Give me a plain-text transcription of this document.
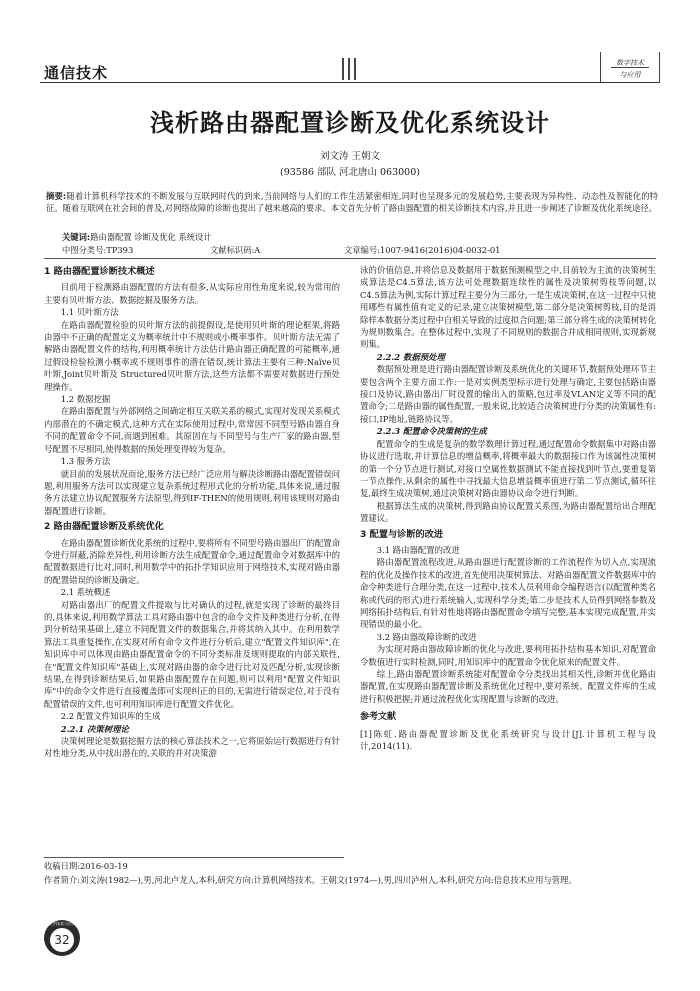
通信技术
数字技术
与应用
浅析路由器配置诊断及优化系统设计
刘文涛 王朝文
(93586 部队 河北唐山 063000)
摘要:随着计算机科学技术的不断发展与互联网时代的到来,当前网络与人们的工作生活紧密相连,同时也呈现多元的发展趋势,主要表现为异构性、动态性及智能化的特征。随着互联网在社会间的普及,对网络故障的诊断也提出了越来越高的要求。本文首先分析了路由器配置的相关诊断技术内容,并且进一步阐述了诊断及优化系统途径。
关键词:路由器配置 诊断及优化 系统设计
中图分类号:TP393	文献标识码:A	文章编号:1007-9416(2016)04-0032-01

1 路由器配置诊断技术概述

目前用于检测路由器配置的方法有很多,从实际应用性角度来说,较为常用的主要有贝叶斯方法、数据挖掘及服务方法。

1.1 贝叶斯方法

在路由器配置检验的贝叶斯方法的前提假设,是使用贝叶斯的理论框架,将路由器中不正确的配置定义为概率统计中不规则或小概率事件。贝叶斯方法无需了解路由器配置文件的结构,利用概率统计方法估计路由器正确配置的可能概率,通过假设检验检测小概率或不规则事件的潜在错误,统计算法主要有三种:Naïve贝叶斯,Joint贝叶斯及 Structured贝叶斯方法,这些方法都不需要对数据进行预处理操作。

1.2 数据挖掘

在路由器配置与外部网络之间确定相互关联关系的模式,实现对发现关系模式内部潜在的不确定模式,这种方式在实际使用过程中,常常因不同型号路由器自身不同的配置命令不同,而遇到困难。其原因在与不同型号与生产厂家的路由器,型号配置不尽相同,使得数据的预处理变得较为复杂。

1.3 服务方法

就目前的发展状况而论,服务方法已经广泛应用与解决诊断路由器配置错误问题,利用服务方法可以实现建立复杂系统过程形式化的分析功能,具体来说,通过服务方法建立协议配置服务方法原型,得到IF-THEN的使用规则,利用该规则对路由器配置进行诊断。

2 路由器配置诊断及系统优化

在路由器配置诊断优化系统的过程中,要将所有不同型号路由器出厂的配置命令进行屏蔽,消除差异性,利用诊断方法生成配置命令,通过配置命令对数据库中的配置数据进行比对,同时,利用数学中的拓扑学知识应用于网络技术,实现对路由器的配置错误的诊断及确定。

2.1 系统概述

对路由器出厂的配置文件提取与比对确认的过程,就是实现了诊断的最终目的,具体来说,利用数学算法工具对路由器中包含的命令文件及种类进行分析,在得到分析结果基础上,建立不同配置文件的数据集合,并将其纳入其中。在利用数学算法工具重复操作,在实现对所有命令文件进行分析后,建立"配置文件知识库",在知识库中可以体现由路由器配置命令的不同分类标准及规则提取的内部关联性,在"配置文件知识库"基础上,实现对路由器的命令进行比对及匹配分析,实现诊断结果,在得到诊断结果后,如果路由器配置存在问题,则可以利用"配置文件知识库"中的命令文件进行直接覆盖即可实现纠正的目的,无需进行错误定位,对于没有配置错误的文件,也可利用知识库进行配置文件优化。

2.2 配置文件知识库的生成

2.2.1 决策树理论

决策树理论是数据挖掘方法的核心算法技术之一,它将原始运行数据进行有针对性地分类,从中找出潜在的,关联的并对决策游

泳的价值信息,并将信息及数据用于数据预测模型之中,目前较为主流的决策树生成算法是C4.5算法,该方法可处理数据连续性的属性及决策树剪枝等问题,以C4.5算法为例,实际计算过程主要分为三部分,一是生成决策树,在这一过程中只使用哪些有属性值有定义的记录,建立决策树模型,第二部分是决策树剪枝,目的是消除样本数据分类过程中自相关导致的过度拟合问题;第三部分将生成的决策树转化为规则数集合。在整体过程中,实现了不同规则的数据合并成相同规则,实现新规则集。

2.2.2 数据预处理

数据预处理是进行路由器配置诊断及系统优化的关键环节,数据预处理环节主要包含两个主要方面工作:一是对实例类型标示进行处理与确定,主要包括路由器接口及协议,路由器出厂时设置的输出入的策略,包过率及VLAN定义等不同的配置命令;二是路由器的属性配置,一般来说,比较适合决策树进行分类的决策属性有:接口,IP地址,链路协议等。

2.2.3 配置命令决策树的生成

配置命令的生成是复杂的数学数理计算过程,通过配置命令数据集中对路由器协议进行选取,并计算信息的增益概率,将概率最大的数据接口作为该属性决策树的第一个分节点进行测试,对接口空属性数据测试不能直接找到叶节点,要重复第一节点操作,从剩余的属性中寻找最大信息增益概率值进行第二节点测试,循环往复,最终生成决策树,通过决策树对路由器协议命令进行判断。

根据算法生成的决策树,得到路由协议配置关系图,为路由器配置给出合理配置建议。

3 配置与诊断的改进

3.1 路由器配置的改进

路由器配置流程改进,从路由器进行配置诊断的工作流程作为切入点,实现流程的优化及操作技术的改进,首先使用决策树算法、对路由器配置文件数据库中的命令种类进行合理分类,在这一过程中,技术人员利用命令编程语言(以配置种类名称或代码的形式)进行系统输入,实现科学分类;第二步是技术人员得到网络参数及网络拓扑结构后,有针对性地将路由器配置命令填写完整,基本实现完成配置,并实现错误的最小化。

3.2 路由器故障诊断的改进

为实现对路由器故障诊断的优化与改进,要利用拓扑结构基本知识,对配置命令数值进行实时检测,同时,用知识库中的配置命令优化原来的配置文件。

综上,路由器配置诊断系统能对配置命令分类找出其相关性,诊断并优化路由器配置,在实现路由器配置诊断及系统优化过程中,要对系统、配置文件库的生成进行积极把握;并通过流程优化实现配置与诊断的改进。

参考文献

[1]陈虹.路由器配置诊断及优化系统研究与设计[J].计算机工程与设计,2014(11).

收稿日期:2016-03-19
作者简介:刘文涛(1982—),男,河北卢龙人,本科,研究方向:计算机网络技术。王朝文(1974—),男,四川泸州人,本科,研究方向:信息技术应用与管理。
数字技术与应用
32
